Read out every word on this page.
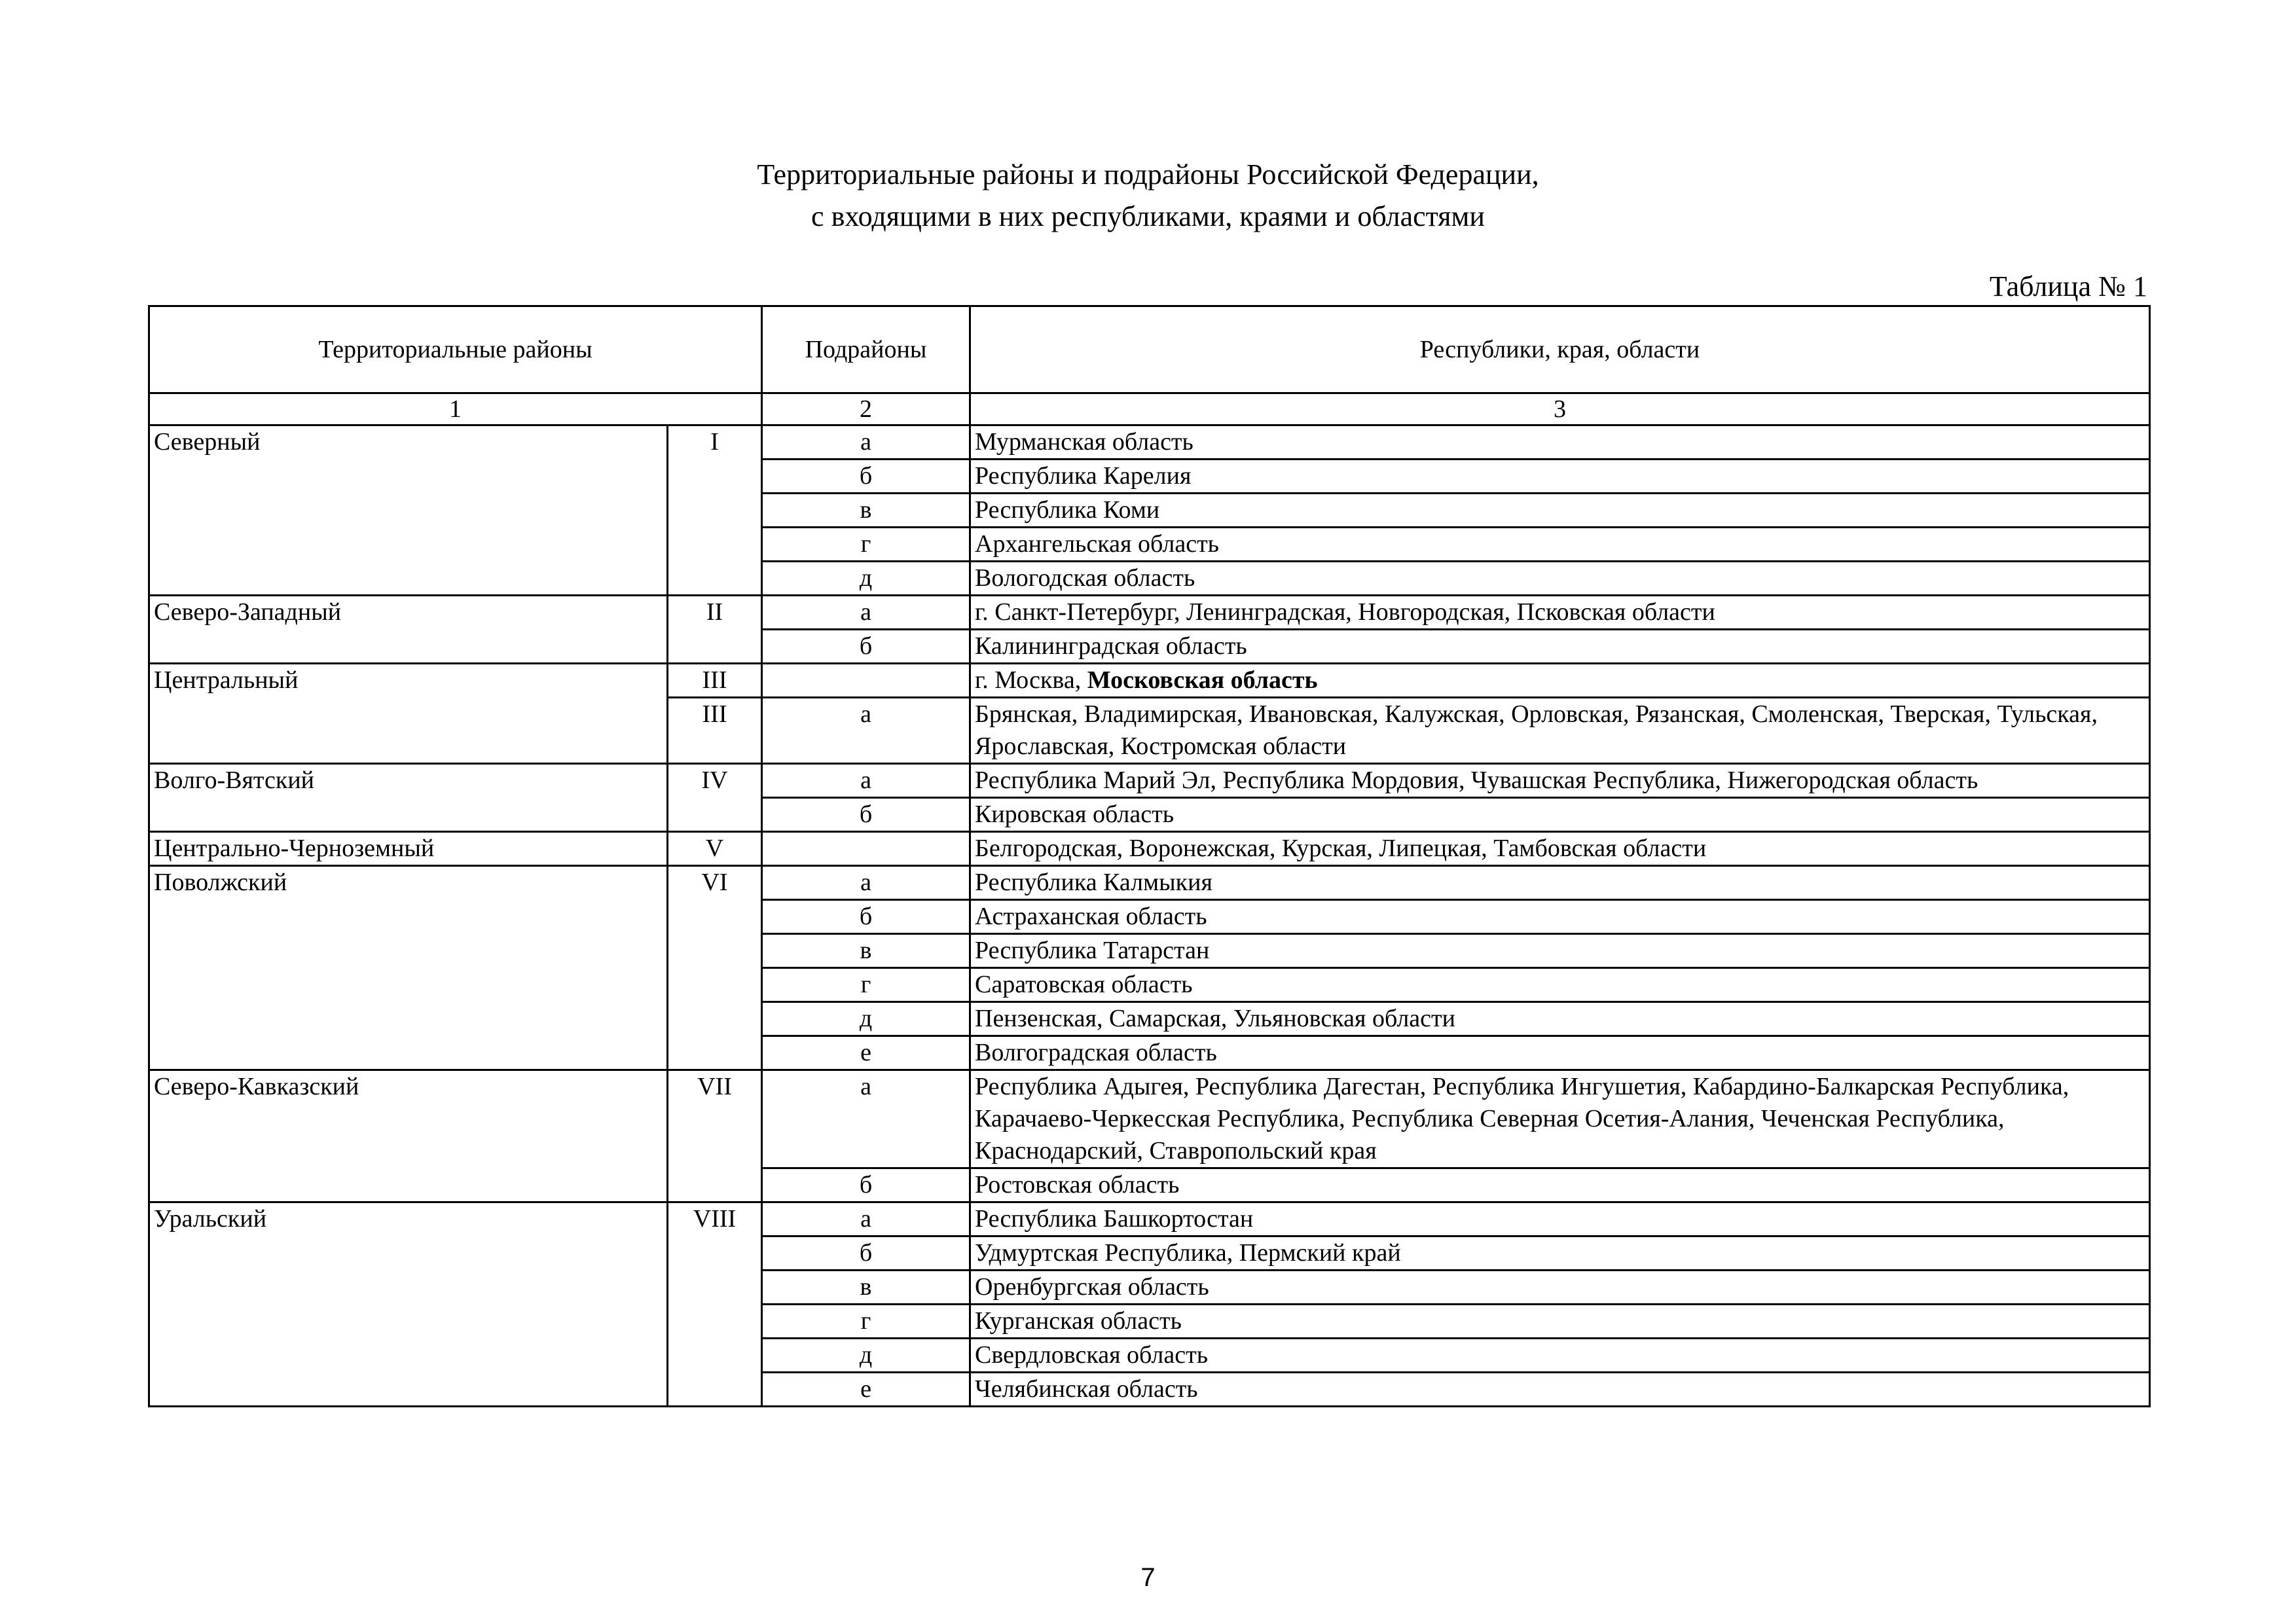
Территориальные районы и подрайоны Российской Федерации,
с входящими в них республиками, краями и областями
Таблица № 1
Территориальные районы		Подрайоны	Республики, края, области
1		2	3
Северный	I	а	Мурманская область
		б	Республика Карелия
		в	Республика Коми
		г	Архангельская область
		д	Вологодская область
Северо-Западный	II	а	г. Санкт-Петербург, Ленинградская, Новгородская, Псковская области
		б	Калининградская область
Центральный	III		г. Москва, Московская область
	III	а	Брянская, Владимирская, Ивановская, Калужская, Орловская, Рязанская, Смоленская, Тверская, Тульская, Ярославская, Костромская области
Волго-Вятский	IV	а	Республика Марий Эл, Республика Мордовия, Чувашская Республика, Нижегородская область
		б	Кировская область
Центрально-Черноземный	V		Белгородская, Воронежская, Курская, Липецкая, Тамбовская области
Поволжский	VI	а	Республика Калмыкия
		б	Астраханская область
		в	Республика Татарстан
		г	Саратовская область
		д	Пензенская, Самарская, Ульяновская области
		е	Волгоградская область
Северо-Кавказский	VII	а	Республика Адыгея, Республика Дагестан, Республика Ингушетия, Кабардино-Балкарская Республика, Карачаево-Черкесская Республика, Республика Северная Осетия-Алания, Чеченская Республика, Краснодарский, Ставропольский края
		б	Ростовская область
Уральский	VIII	а	Республика Башкортостан
		б	Удмуртская Республика, Пермский край
		в	Оренбургская область
		г	Курганская область
		д	Свердловская область
		е	Челябинская область
7
